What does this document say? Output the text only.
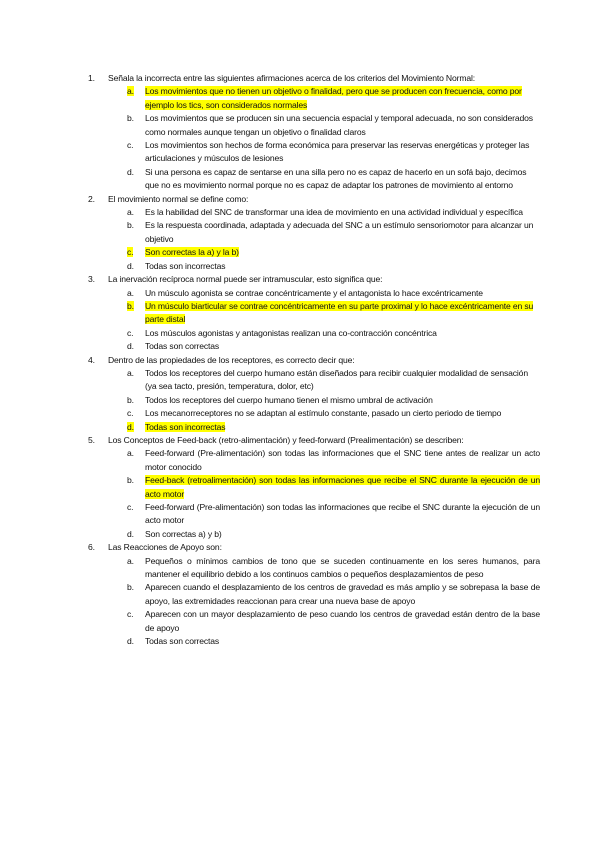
1.	Señala la incorrecta entre las siguientes afirmaciones acerca de los criterios del Movimiento Normal:
a.	Los movimientos que no tienen un objetivo o finalidad, pero que se producen con frecuencia, como por ejemplo los tics, son considerados normales
b.	Los movimientos que se producen sin una secuencia espacial y temporal adecuada, no son considerados como normales aunque tengan un objetivo o finalidad claros
c.	Los movimientos son hechos de forma económica para preservar las reservas energéticas y proteger las articulaciones y músculos de lesiones
d.	Si una persona es capaz de sentarse en una silla pero no es capaz de hacerlo en un sofá bajo, decimos que no es movimiento normal porque no es capaz de adaptar los patrones de movimiento al entorno
2.	El movimiento normal se define como:
a.	Es la habilidad del SNC de transformar una idea de movimiento en una actividad individual y específica
b.	Es la respuesta coordinada, adaptada y adecuada del SNC a un estímulo sensoriomotor para alcanzar un objetivo
c.	Son correctas la a) y la b)
d.	Todas son incorrectas
3.	La inervación recíproca normal puede ser intramuscular, esto significa que:
a.	Un músculo agonista se contrae concéntricamente y el antagonista lo hace excéntricamente
b.	Un músculo biarticular se contrae concéntricamente en su parte proximal y lo hace excéntricamente en su parte distal
c.	Los músculos agonistas y antagonistas realizan una co-contracción concéntrica
d.	Todas son correctas
4.	Dentro de las propiedades de los receptores, es correcto decir que:
a.	Todos los receptores del cuerpo humano están diseñados para recibir cualquier modalidad de sensación (ya sea tacto, presión, temperatura, dolor, etc)
b.	Todos los receptores del cuerpo humano tienen el mismo umbral de activación
c.	Los mecanorreceptores no se adaptan al estímulo constante, pasado un cierto periodo de tiempo
d.	Todas son incorrectas
5.	Los Conceptos de Feed-back (retro-alimentación) y feed-forward (Prealimentación) se describen:
a.	Feed-forward (Pre-alimentación) son todas las informaciones que el SNC tiene antes de realizar un acto motor conocido
b.	Feed-back (retroalimentación) son todas las informaciones que recibe el SNC durante la ejecución de un acto motor
c.	Feed-forward (Pre-alimentación) son todas las informaciones que recibe el SNC durante la ejecución de un acto motor
d.	Son correctas a) y b)
6.	Las Reacciones de Apoyo son:
a.	Pequeños o mínimos cambios de tono que se suceden continuamente en los seres humanos, para mantener el equilibrio debido a los continuos cambios o pequeños desplazamientos de peso
b.	Aparecen cuando el desplazamiento de los centros de gravedad es más amplio y se sobrepasa la base de apoyo, las extremidades reaccionan para crear una nueva base de apoyo
c.	Aparecen con un mayor desplazamiento de peso cuando los centros de gravedad están dentro de la base de apoyo
d.	Todas son correctas
